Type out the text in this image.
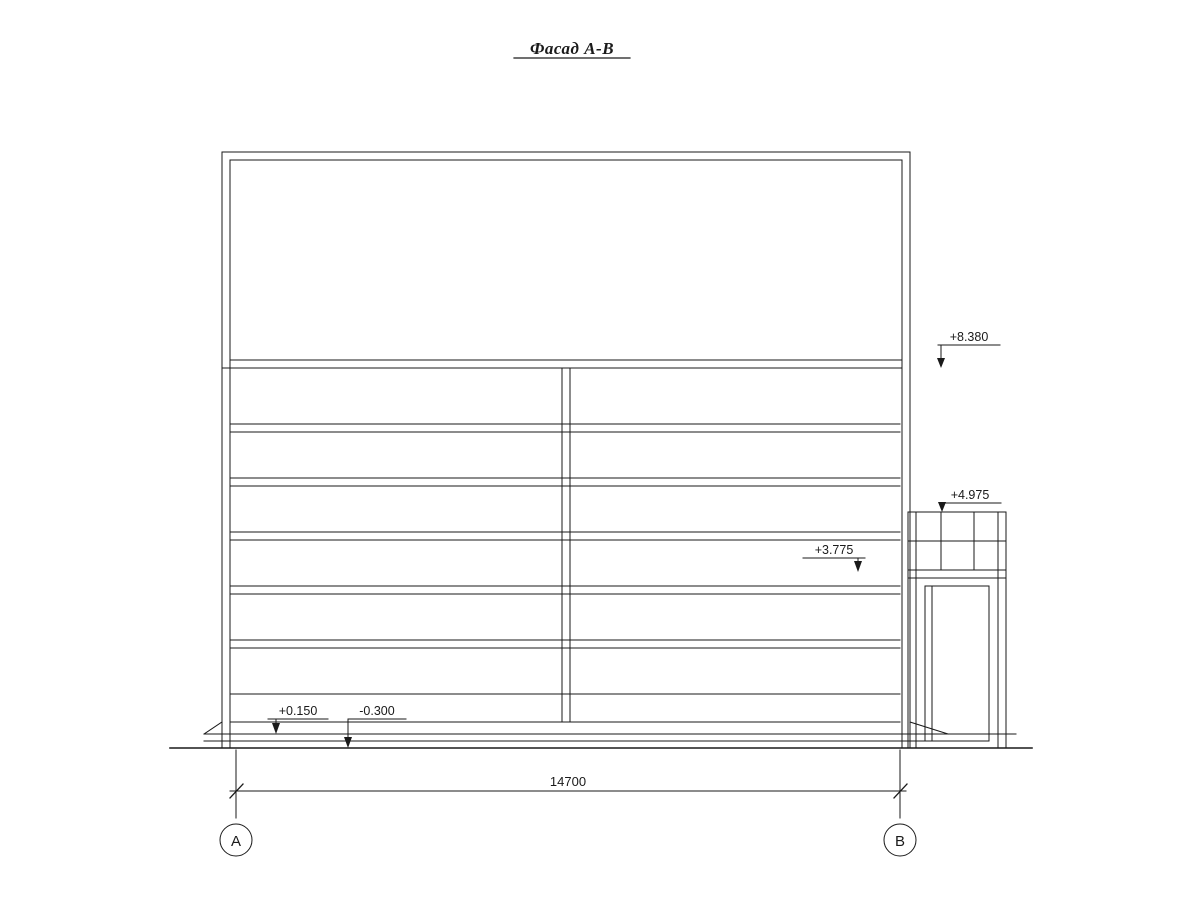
Фасад А-В
+8.380
+4.975
+3.775
+0.150	-0.300
14700
А	В
